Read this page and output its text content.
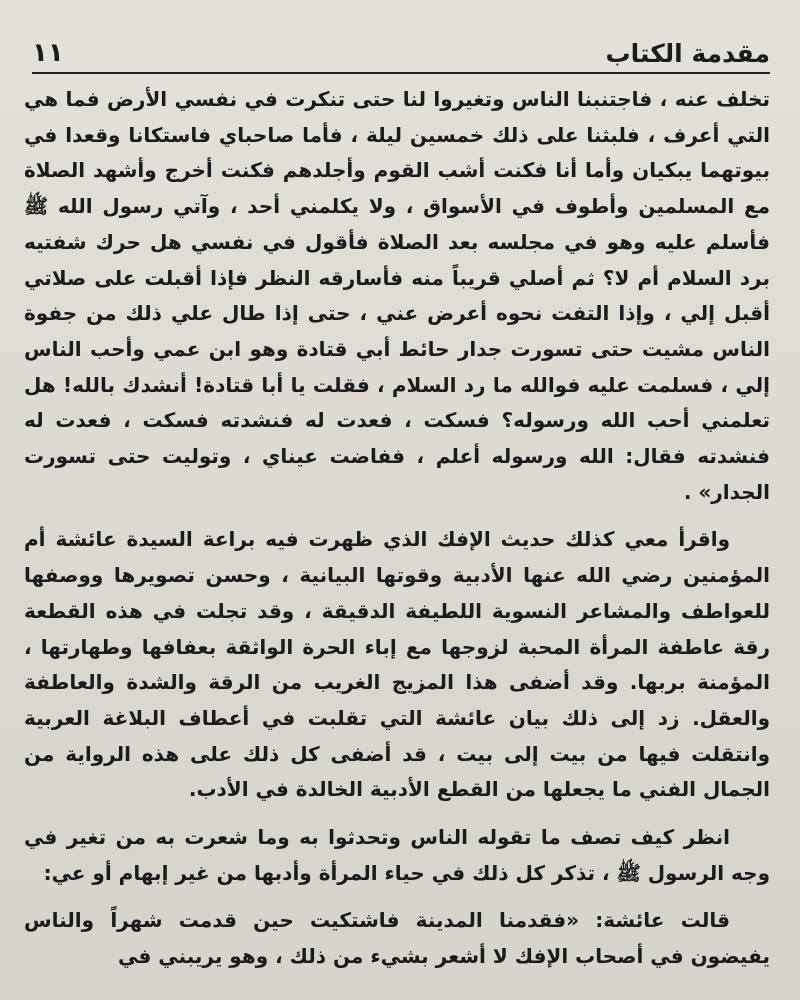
مقدمة الكتاب
١١

تخلف عنه ، فاجتنبنا الناس وتغيروا لنا حتى تنكرت في نفسي الأرض فما هي التي أعرف ، فلبثنا على ذلك خمسين ليلة ، فأما صاحباي فاستكانا وقعدا في بيوتهما يبكيان وأما أنا فكنت أشب القوم وأجلدهم فكنت أخرج وأشهد الصلاة مع المسلمين وأطوف في الأسواق ، ولا يكلمني أحد ، وآتي رسول الله ﷺ فأسلم عليه وهو في مجلسه بعد الصلاة فأقول في نفسي هل حرك شفتيه برد السلام أم لا؟ ثم أصلي قريباً منه فأسارقه النظر فإذا أقبلت على صلاتي أقبل إلي ، وإذا التفت نحوه أعرض عني ، حتى إذا طال علي ذلك من جفوة الناس مشيت حتى تسورت جدار حائط أبي قتادة وهو ابن عمي وأحب الناس إلي ، فسلمت عليه فوالله ما رد السلام ، فقلت يا أبا قتادة! أنشدك بالله! هل تعلمني أحب الله ورسوله؟ فسكت ، فعدت له فنشدته فسكت ، فعدت له فنشدته فقال: الله ورسوله أعلم ، ففاضت عيناي ، وتوليت حتى تسورت الجدار» .

واقرأ معي كذلك حديث الإفك الذي ظهرت فيه براعة السيدة عائشة أم المؤمنين رضي الله عنها الأدبية وقوتها البيانية ، وحسن تصويرها ووصفها للعواطف والمشاعر النسوية اللطيفة الدقيقة ، وقد تجلت في هذه القطعة رقة عاطفة المرأة المحبة لزوجها مع إباء الحرة الواثقة بعفافها وطهارتها ، المؤمنة بربها. وقد أضفى هذا المزيج الغريب من الرقة والشدة والعاطفة والعقل. زد إلى ذلك بيان عائشة التي تقلبت في أعطاف البلاغة العربية وانتقلت فيها من بيت إلى بيت ، قد أضفى كل ذلك على هذه الرواية من الجمال الفني ما يجعلها من القطع الأدبية الخالدة في الأدب.

انظر كيف تصف ما تقوله الناس وتحدثوا به وما شعرت به من تغير في وجه الرسول ﷺ ، تذكر كل ذلك في حياء المرأة وأدبها من غير إبهام أو عي:

قالت عائشة: «فقدمنا المدينة فاشتكيت حين قدمت شهراً والناس يفيضون في أصحاب الإفك لا أشعر بشيء من ذلك ، وهو يريبني في
